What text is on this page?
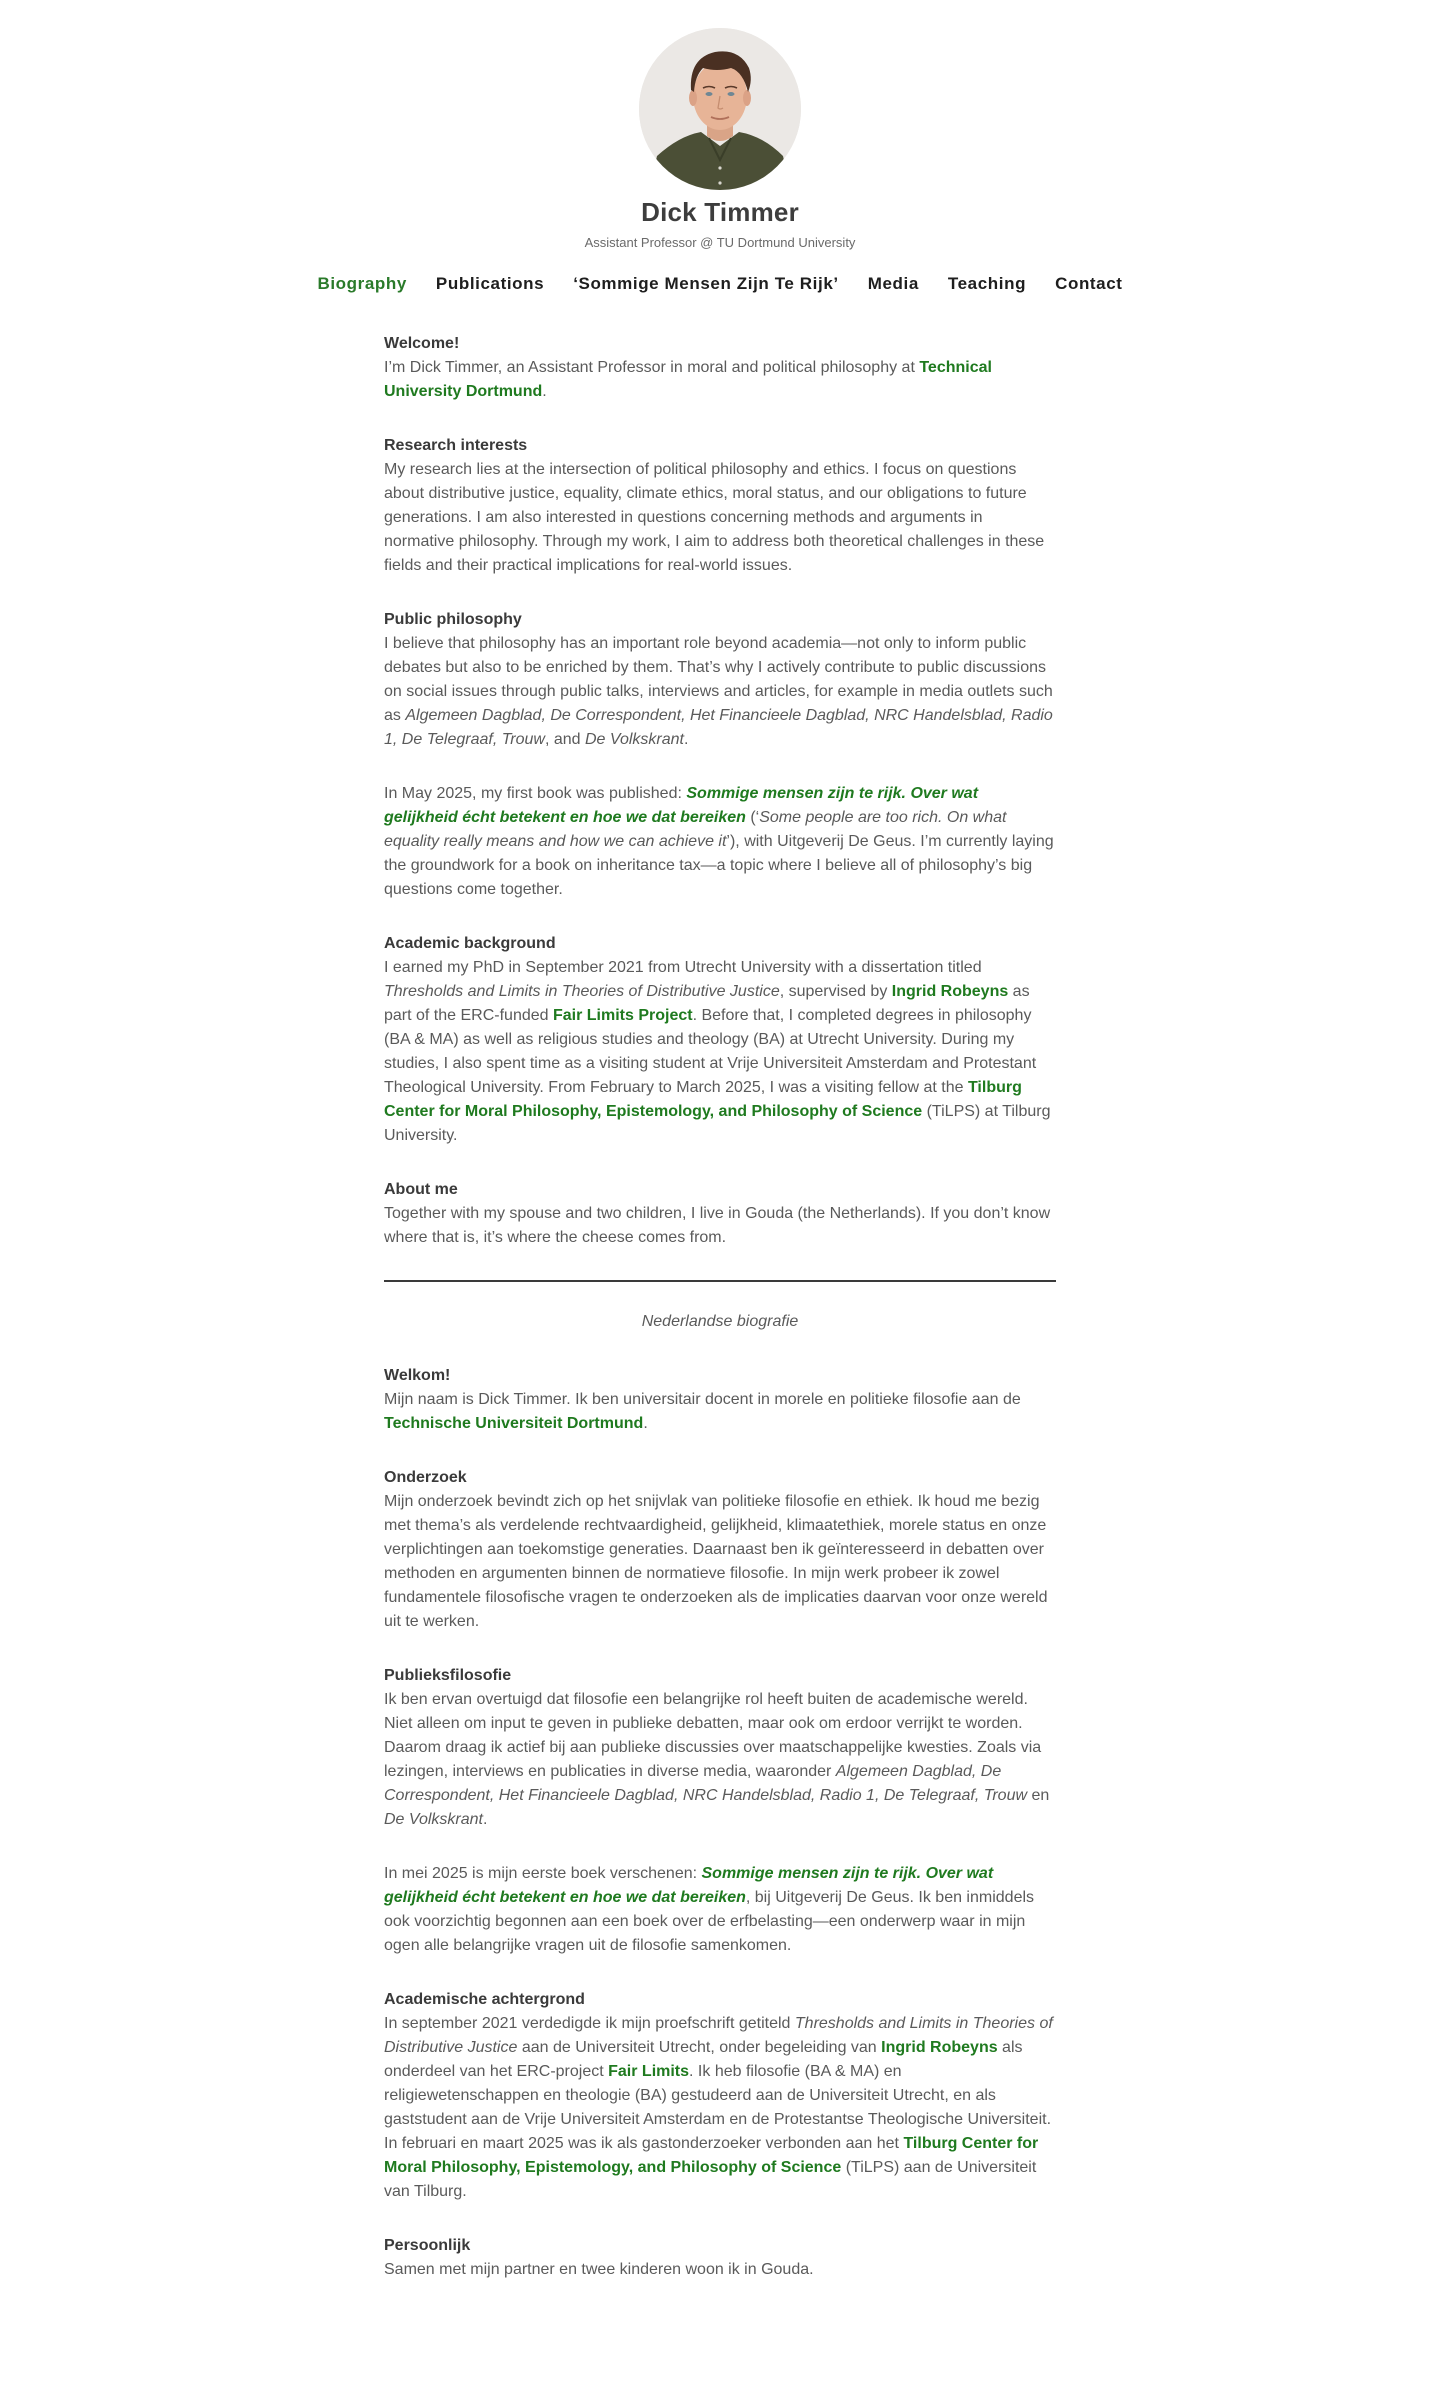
Dick Timmer
Assistant Professor @ TU Dortmund University
Biography Publications ‘Sommige Mensen Zijn Te Rijk’ Media Teaching Contact
Welcome!

I’m Dick Timmer, an Assistant Professor in moral and political philosophy at Technical University Dortmund.

Research interests

My research lies at the intersection of political philosophy and ethics. I focus on questions about distributive justice, equality, climate ethics, moral status, and our obligations to future generations. I am also interested in questions concerning methods and arguments in normative philosophy. Through my work, I aim to address both theoretical challenges in these fields and their practical implications for real-world issues.

Public philosophy

I believe that philosophy has an important role beyond academia—not only to inform public debates but also to be enriched by them. That’s why I actively contribute to public discussions on social issues through public talks, interviews and articles, for example in media outlets such as Algemeen Dagblad, De Correspondent, Het Financieele Dagblad, NRC Handelsblad, Radio 1, De Telegraaf, Trouw, and De Volkskrant.

In May 2025, my first book was published: Sommige mensen zijn te rijk. Over wat gelijkheid écht betekent en hoe we dat bereiken (‘Some people are too rich. On what equality really means and how we can achieve it’), with Uitgeverij De Geus. I’m currently laying the groundwork for a book on inheritance tax—a topic where I believe all of philosophy’s big questions come together.

Academic background

I earned my PhD in September 2021 from Utrecht University with a dissertation titled Thresholds and Limits in Theories of Distributive Justice, supervised by Ingrid Robeyns as part of the ERC-funded Fair Limits Project. Before that, I completed degrees in philosophy (BA & MA) as well as religious studies and theology (BA) at Utrecht University. During my studies, I also spent time as a visiting student at Vrije Universiteit Amsterdam and Protestant Theological University. From February to March 2025, I was a visiting fellow at the Tilburg Center for Moral Philosophy, Epistemology, and Philosophy of Science (TiLPS) at Tilburg University.

About me

Together with my spouse and two children, I live in Gouda (the Netherlands). If you don’t know where that is, it’s where the cheese comes from.

Nederlandse biografie
Welkom!

Mijn naam is Dick Timmer. Ik ben universitair docent in morele en politieke filosofie aan de Technische Universiteit Dortmund.

Onderzoek

Mijn onderzoek bevindt zich op het snijvlak van politieke filosofie en ethiek. Ik houd me bezig met thema’s als verdelende rechtvaardigheid, gelijkheid, klimaatethiek, morele status en onze verplichtingen aan toekomstige generaties. Daarnaast ben ik geïnteresseerd in debatten over methoden en argumenten binnen de normatieve filosofie. In mijn werk probeer ik zowel fundamentele filosofische vragen te onderzoeken als de implicaties daarvan voor onze wereld uit te werken.

Publieksfilosofie

Ik ben ervan overtuigd dat filosofie een belangrijke rol heeft buiten de academische wereld. Niet alleen om input te geven in publieke debatten, maar ook om erdoor verrijkt te worden. Daarom draag ik actief bij aan publieke discussies over maatschappelijke kwesties. Zoals via lezingen, interviews en publicaties in diverse media, waaronder Algemeen Dagblad, De Correspondent, Het Financieele Dagblad, NRC Handelsblad, Radio 1, De Telegraaf, Trouw en De Volkskrant.

In mei 2025 is mijn eerste boek verschenen: Sommige mensen zijn te rijk. Over wat gelijkheid écht betekent en hoe we dat bereiken, bij Uitgeverij De Geus. Ik ben inmiddels ook voorzichtig begonnen aan een boek over de erfbelasting—een onderwerp waar in mijn ogen alle belangrijke vragen uit de filosofie samenkomen.

Academische achtergrond

In september 2021 verdedigde ik mijn proefschrift getiteld Thresholds and Limits in Theories of Distributive Justice aan de Universiteit Utrecht, onder begeleiding van Ingrid Robeyns als onderdeel van het ERC-project Fair Limits. Ik heb filosofie (BA & MA) en religiewetenschappen en theologie (BA) gestudeerd aan de Universiteit Utrecht, en als gaststudent aan de Vrije Universiteit Amsterdam en de Protestantse Theologische Universiteit. In februari en maart 2025 was ik als gastonderzoeker verbonden aan het Tilburg Center for Moral Philosophy, Epistemology, and Philosophy of Science (TiLPS) aan de Universiteit van Tilburg.

Persoonlijk

Samen met mijn partner en twee kinderen woon ik in Gouda.
